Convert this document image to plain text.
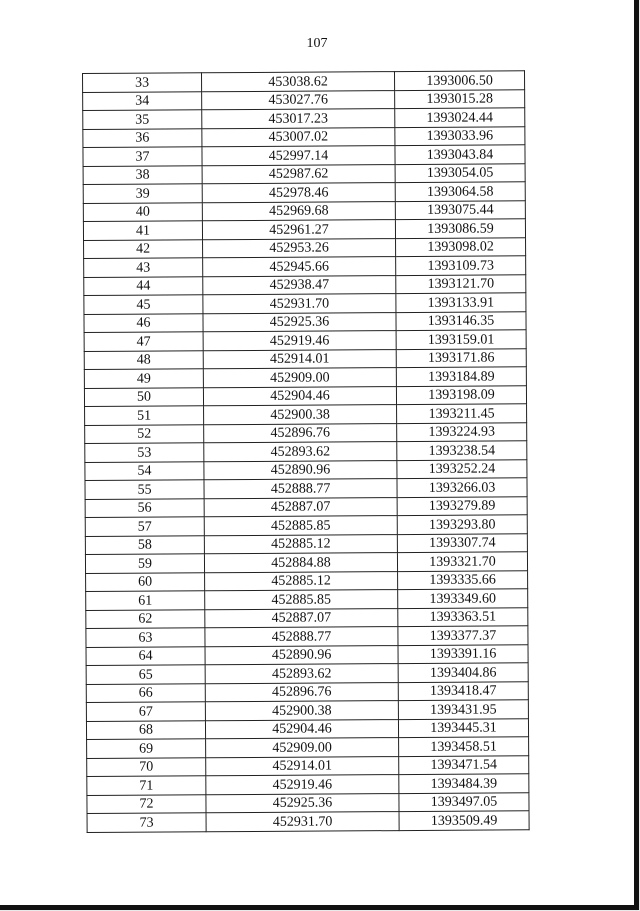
107
33	453038.62	1393006.50
34	453027.76	1393015.28
35	453017.23	1393024.44
36	453007.02	1393033.96
37	452997.14	1393043.84
38	452987.62	1393054.05
39	452978.46	1393064.58
40	452969.68	1393075.44
41	452961.27	1393086.59
42	452953.26	1393098.02
43	452945.66	1393109.73
44	452938.47	1393121.70
45	452931.70	1393133.91
46	452925.36	1393146.35
47	452919.46	1393159.01
48	452914.01	1393171.86
49	452909.00	1393184.89
50	452904.46	1393198.09
51	452900.38	1393211.45
52	452896.76	1393224.93
53	452893.62	1393238.54
54	452890.96	1393252.24
55	452888.77	1393266.03
56	452887.07	1393279.89
57	452885.85	1393293.80
58	452885.12	1393307.74
59	452884.88	1393321.70
60	452885.12	1393335.66
61	452885.85	1393349.60
62	452887.07	1393363.51
63	452888.77	1393377.37
64	452890.96	1393391.16
65	452893.62	1393404.86
66	452896.76	1393418.47
67	452900.38	1393431.95
68	452904.46	1393445.31
69	452909.00	1393458.51
70	452914.01	1393471.54
71	452919.46	1393484.39
72	452925.36	1393497.05
73	452931.70	1393509.49
